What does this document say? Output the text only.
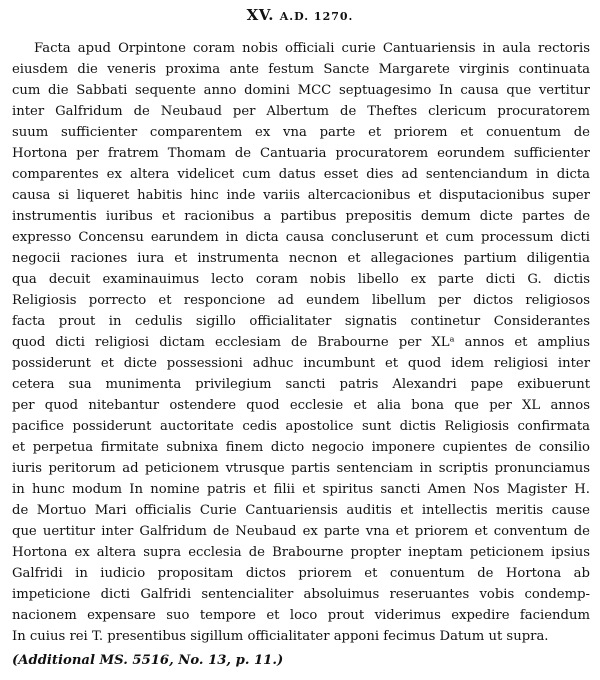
XV. A.D. 1270.
Facta apud Orpintone coram nobis officiali curie Cantuariensis in aula rectoris
eiusdem die veneris proxima ante festum Sancte Margarete virginis continuata
cum die Sabbati sequente anno domini MCC septuagesimo In causa que vertitur
inter Galfridum de Neubaud per Albertum de Theftes clericum procuratorem
suum sufficienter comparentem ex vna parte et priorem et conuentum de
Hortona per fratrem Thomam de Cantuaria procuratorem eorundem sufficienter
comparentes ex altera videlicet cum datus esset dies ad sentenciandum in dicta
causa si liqueret habitis hinc inde variis altercacionibus et disputacionibus super
instrumentis iuribus et racionibus a partibus prepositis demum dicte partes de
expresso Concensu earundem in dicta causa concluserunt et cum processum dicti
negocii raciones iura et instrumenta necnon et allegaciones partium diligentia
qua decuit examinauimus lecto coram nobis libello ex parte dicti G. dictis
Religiosis porrecto et responcione ad eundem libellum per dictos religiosos
facta prout in cedulis sigillo officialitater signatis continetur Considerantes
quod dicti religiosi dictam ecclesiam de Brabourne per XLᵃ annos et amplius
possiderunt et dicte possessioni adhuc incumbunt et quod idem religiosi inter
cetera sua munimenta privilegium sancti patris Alexandri pape exibuerunt
per quod nitebantur ostendere quod ecclesie et alia bona que per XL annos
pacifice possiderunt auctoritate cedis apostolice sunt dictis Religiosis confirmata
et perpetua firmitate subnixa finem dicto negocio imponere cupientes de consilio
iuris peritorum ad peticionem vtrusque partis sentenciam in scriptis pronunciamus
in hunc modum In nomine patris et filii et spiritus sancti Amen Nos Magister H.
de Mortuo Mari officialis Curie Cantuariensis auditis et intellectis meritis cause
que uertitur inter Galfridum de Neubaud ex parte vna et priorem et conventum de
Hortona ex altera supra ecclesia de Brabourne propter ineptam peticionem ipsius
Galfridi in iudicio propositam dictos priorem et conuentum de Hortona ab
impeticione dicti Galfridi sentencialiter absoluimus reseruantes vobis condemp-
nacionem expensare suo tempore et loco prout viderimus expedire faciendum
In cuius rei T. presentibus sigillum officialitater apponi fecimus Datum ut supra.
(Additional MS. 5516, No. 13, p. 11.)
